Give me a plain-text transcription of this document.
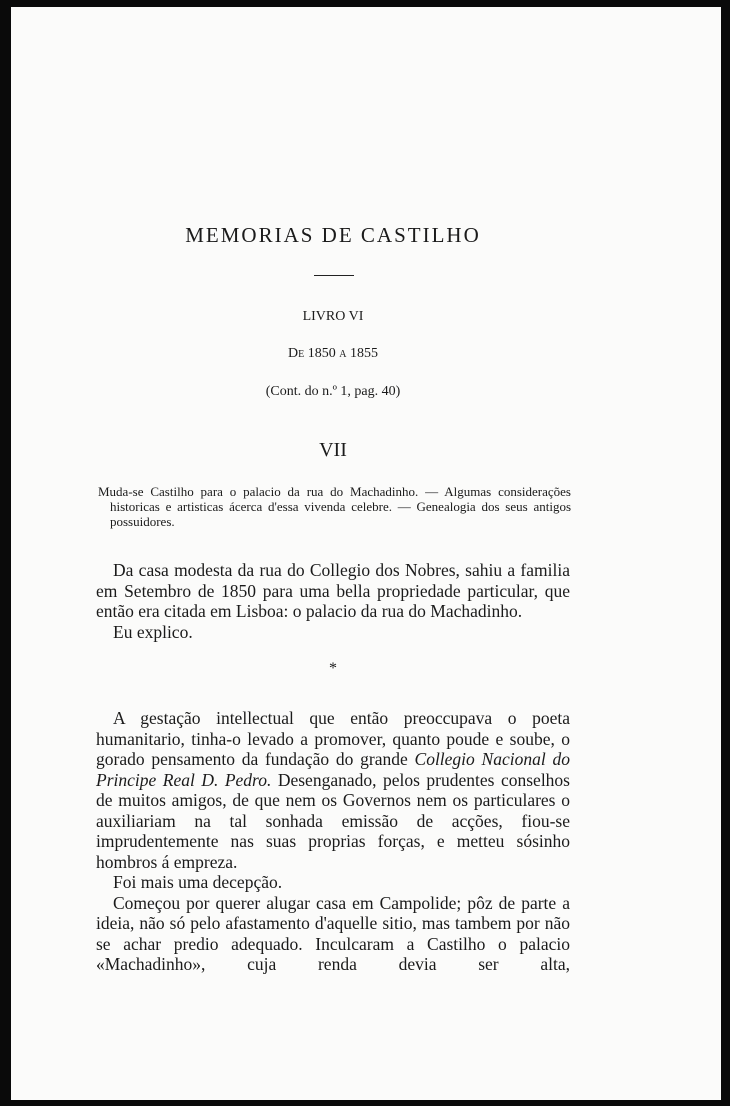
MEMORIAS DE CASTILHO
LIVRO VI

De 1850 a 1855

(Cont. do n.º 1, pag. 40)

VII

Muda-se Castilho para o palacio da rua do Machadinho. — Algumas considerações historicas e artisticas ácerca d'essa vivenda celebre. — Genealogia dos seus antigos possuidores.

Da casa modesta da rua do Collegio dos Nobres, sahiu a familia em Setembro de 1850 para uma bella propriedade particular, que então era citada em Lisboa: o palacio da rua do Machadinho.

Eu explico.

*

A gestação intellectual que então preoccupava o poeta humanitario, tinha-o levado a promover, quanto poude e soube, o gorado pensamento da fundação do grande Collegio Nacional do Principe Real D. Pedro. Desenganado, pelos prudentes conselhos de muitos amigos, de que nem os Governos nem os particulares o auxiliariam na tal sonhada emissão de acções, fiou-se imprudentemente nas suas proprias forças, e metteu sósinho hombros á empreza.

Foi mais uma decepção.

Começou por querer alugar casa em Campolide; pôz de parte a ideia, não só pelo afastamento d'aquelle sitio, mas tambem por não se achar predio adequado. Inculcaram a Castilho o palacio «Machadinho», cuja renda devia ser alta,
